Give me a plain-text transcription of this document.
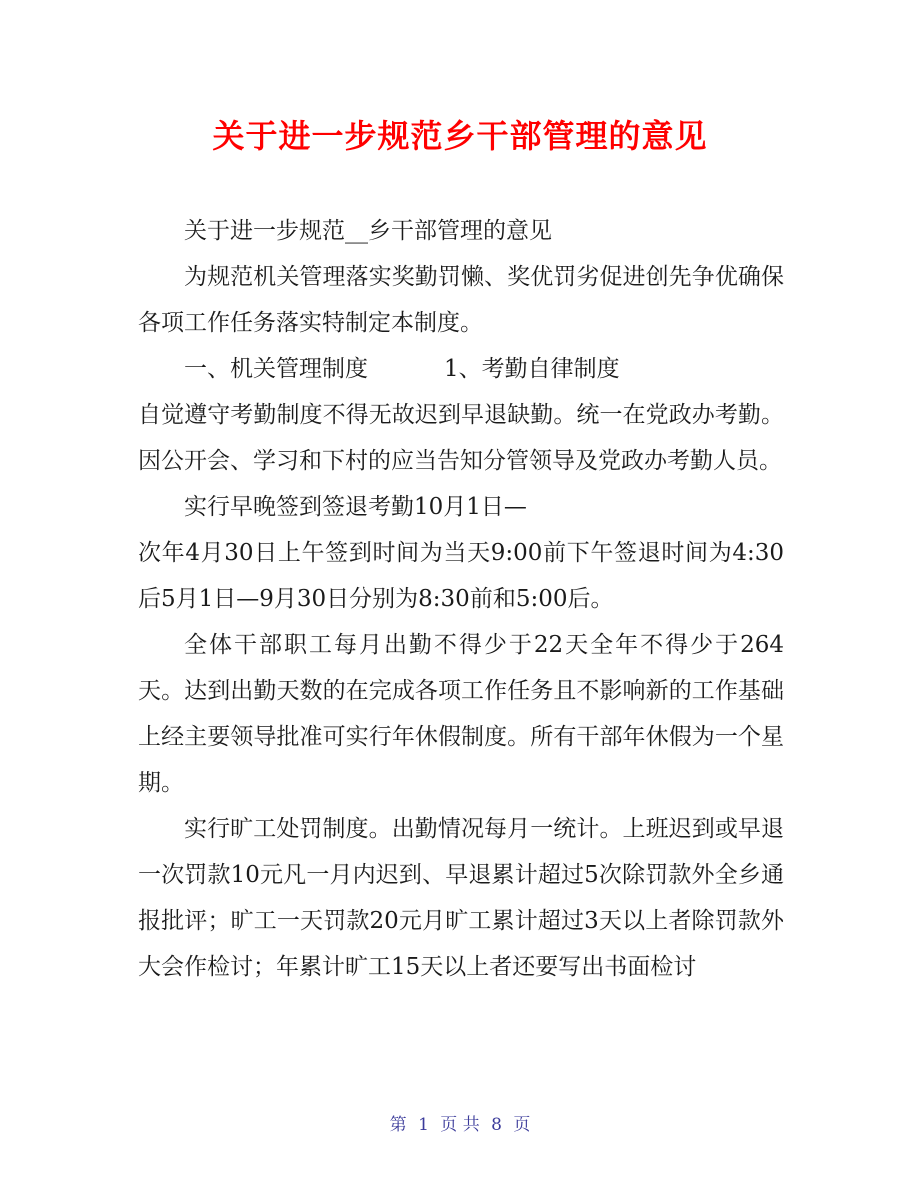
关于进一步规范乡干部管理的意见

关于进一步规范__乡干部管理的意见

为规范机关管理落实奖勤罚懒、奖优罚劣促进创先争优确保各项工作任务落实特制定本制度。

一、机关管理制度	1、考勤自律制度

自觉遵守考勤制度不得无故迟到早退缺勤。统一在党政办考勤。因公开会、学习和下村的应当告知分管领导及党政办考勤人员。

实行早晚签到签退考勤10月1日—

次年4月30日上午签到时间为当天9:00前下午签退时间为4:30后5月1日—9月30日分别为8:30前和5:00后。

全体干部职工每月出勤不得少于22天全年不得少于264天。达到出勤天数的在完成各项工作任务且不影响新的工作基础上经主要领导批准可实行年休假制度。所有干部年休假为一个星期。

实行旷工处罚制度。出勤情况每月一统计。上班迟到或早退一次罚款10元凡一月内迟到、早退累计超过5次除罚款外全乡通报批评；旷工一天罚款20元月旷工累计超过3天以上者除罚款外大会作检讨；年累计旷工15天以上者还要写出书面检讨

第 1 页 共 8 页
